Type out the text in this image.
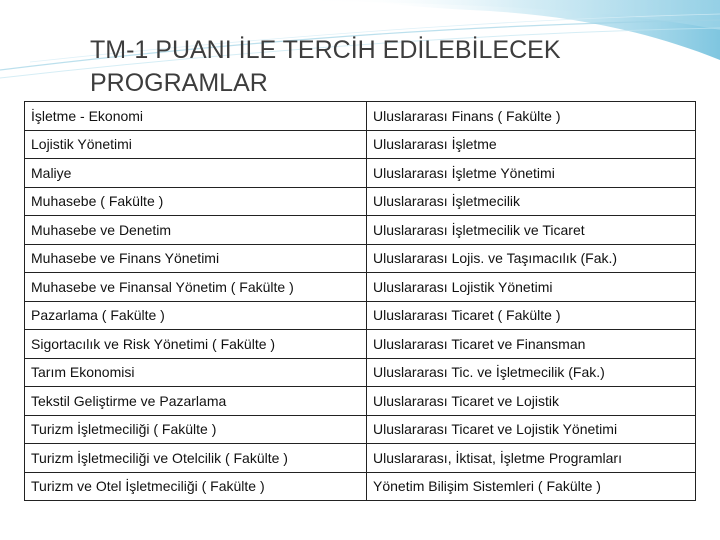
TM-1 PUANI İLE TERCİH EDİLEBİLECEK PROGRAMLAR
İşletme - Ekonomi	Uluslararası Finans ( Fakülte )
Lojistik Yönetimi	Uluslararası İşletme
Maliye	Uluslararası İşletme Yönetimi
Muhasebe ( Fakülte )	Uluslararası İşletmecilik
Muhasebe ve Denetim	Uluslararası İşletmecilik ve Ticaret
Muhasebe ve Finans Yönetimi	Uluslararası Lojis. ve Taşımacılık (Fak.)
Muhasebe ve Finansal Yönetim ( Fakülte )	Uluslararası Lojistik Yönetimi
Pazarlama ( Fakülte )	Uluslararası Ticaret ( Fakülte )
Sigortacılık ve Risk Yönetimi ( Fakülte )	Uluslararası Ticaret ve Finansman
Tarım Ekonomisi	Uluslararası Tic. ve İşletmecilik (Fak.)
Tekstil Geliştirme ve Pazarlama	Uluslararası Ticaret ve Lojistik
Turizm İşletmeciliği ( Fakülte )	Uluslararası Ticaret ve Lojistik Yönetimi
Turizm İşletmeciliği ve Otelcilik ( Fakülte )	Uluslararası, İktisat, İşletme Programları
Turizm ve Otel İşletmeciliği ( Fakülte )	Yönetim Bilişim Sistemleri ( Fakülte )
